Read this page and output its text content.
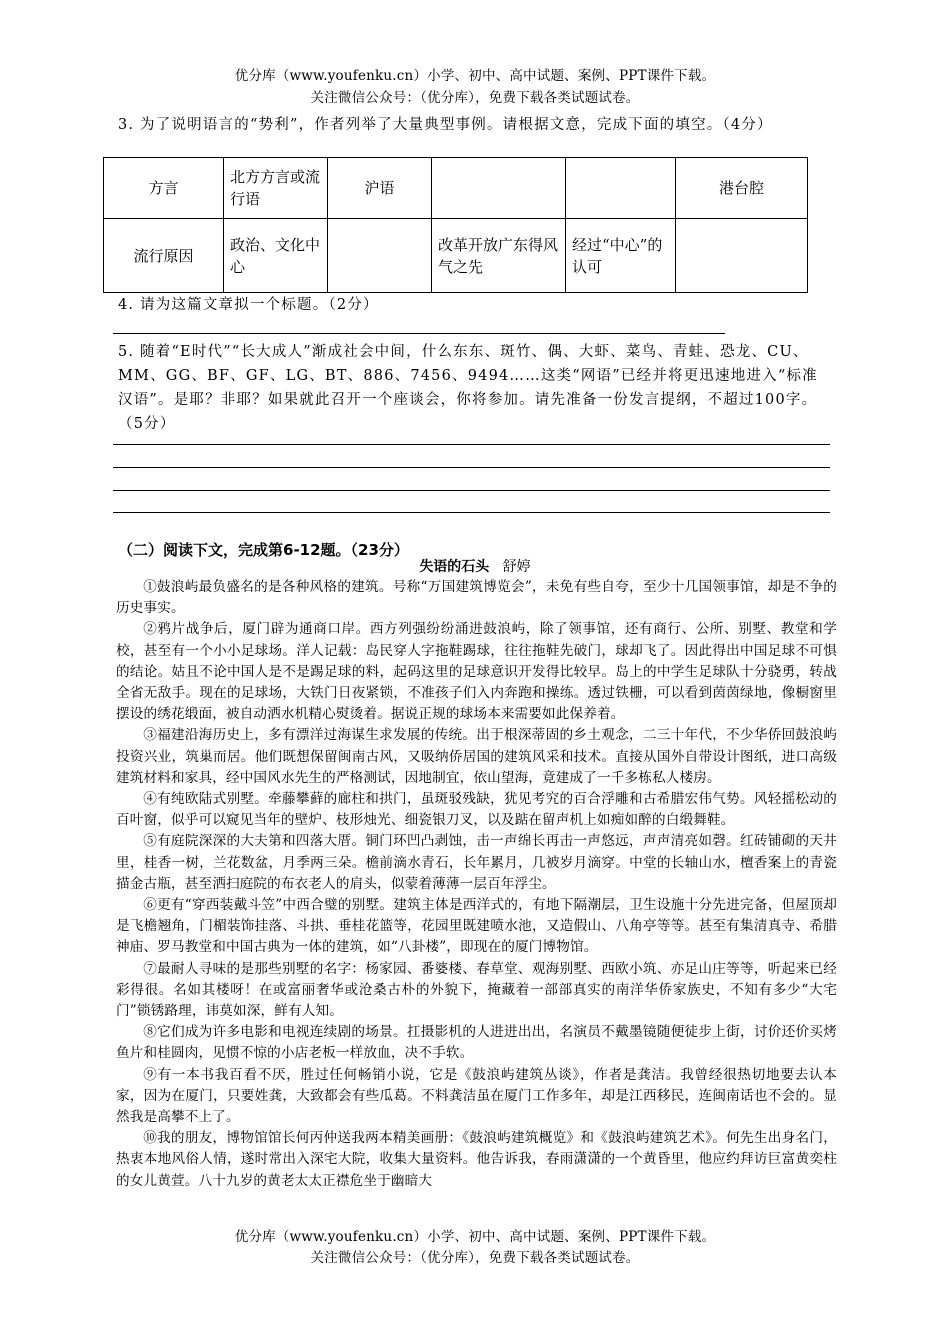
优分库（www.youfenku.cn）小学、初中、高中试题、案例、PPT课件下载。
关注微信公众号：（优分库），免费下载各类试题试卷。
3. 为了说明语言的“势利”，作者列举了大量典型事例。请根据文意，完成下面的填空。（4分）
方言	北方方言或流行语	沪语			港台腔
流行原因	政治、文化中心		改革开放广东得风气之先	经过“中心”的认可	
4. 请为这篇文章拟一个标题。（2分）
5. 随着“E时代”“长大成人”渐成社会中间，什么东东、斑竹、偶、大虾、菜鸟、青蛙、恐龙、CU、MM、GG、BF、GF、LG、BT、886、7456、9494……这类“网语”已经并将更迅速地进入“标准汉语”。是耶？非耶？如果就此召开一个座谈会，你将参加。请先准备一份发言提纲，不超过100字。（5分）
（二）阅读下文，完成第6-12题。（23分）
失语的石头 舒婷

①鼓浪屿最负盛名的是各种风格的建筑。号称“万国建筑博览会”，未免有些自夸，至少十几国领事馆，却是不争的历史事实。

②鸦片战争后，厦门辟为通商口岸。西方列强纷纷涌进鼓浪屿，除了领事馆，还有商行、公所、别墅、教堂和学校，甚至有一个小小足球场。洋人记载：岛民穿人字拖鞋踢球，往往拖鞋先破门，球却飞了。因此得出中国足球不可惧的结论。姑且不论中国人是不是踢足球的料，起码这里的足球意识开发得比较早。岛上的中学生足球队十分骁勇，转战全省无敌手。现在的足球场，大铁门日夜紧锁，不准孩子们入内奔跑和操练。透过铁栅，可以看到茵茵绿地，像橱窗里摆设的绣花缎面，被自动洒水机精心熨烫着。据说正规的球场本来需要如此保养着。

③福建沿海历史上，多有漂洋过海谋生求发展的传统。出于根深蒂固的乡土观念，二三十年代，不少华侨回鼓浪屿投资兴业，筑巢而居。他们既想保留闽南古风，又吸纳侨居国的建筑风采和技术。直接从国外自带设计图纸，进口高级建筑材料和家具，经中国风水先生的严格测试，因地制宜，依山望海，竟建成了一千多栋私人楼房。

④有纯欧陆式别墅。牵藤攀藓的廊柱和拱门，虽斑驳残缺，犹见考究的百合浮雕和古希腊宏伟气势。风轻摇松动的百叶窗，似乎可以窥见当年的壁炉、枝形烛光、细瓷银刀叉，以及踮在留声机上如痴如醉的白缎舞鞋。

⑤有庭院深深的大夫第和四落大厝。铜门环凹凸剥蚀，击一声绵长再击一声悠远，声声清亮如磬。红砖铺砌的天井里，桂香一树，兰花数盆，月季两三朵。檐前滴水青石，长年累月，几被岁月滴穿。中堂的长轴山水，檀香案上的青瓷描金古瓶，甚至洒扫庭院的布衣老人的肩头，似蒙着薄薄一层百年浮尘。

⑥更有“穿西装戴斗笠”中西合璧的别墅。建筑主体是西洋式的，有地下隔潮层，卫生设施十分先进完备，但屋顶却是飞檐翘角，门楣装饰挂落、斗拱、垂桂花篮等，花园里既建喷水池，又造假山、八角亭等等。甚至有集清真寺、希腊神庙、罗马教堂和中国古典为一体的建筑，如“八卦楼”，即现在的厦门博物馆。

⑦最耐人寻味的是那些别墅的名字：杨家园、番婆楼、春草堂、观海别墅、西欧小筑、亦足山庄等等，听起来已经彩得很。名如其楼呀！在或富丽奢华或沧桑古朴的外貌下，掩藏着一部部真实的南洋华侨家族史，不知有多少“大宅门”锁锈路理，讳莫如深，鲜有人知。

⑧它们成为许多电影和电视连续剧的场景。扛摄影机的人进进出出，名演员不戴墨镜随便徒步上街，讨价还价买烤鱼片和桂圆肉，见惯不惊的小店老板一样放血，决不手软。

⑨有一本书我百看不厌，胜过任何畅销小说，它是《鼓浪屿建筑丛谈》，作者是龚洁。我曾经很热切地要去认本家，因为在厦门，只要姓龚，大致都会有些瓜葛。不料龚洁虽在厦门工作多年，却是江西移民，连闽南话也不会的。显然我是高攀不上了。

⑩我的朋友，博物馆馆长何丙仲送我两本精美画册：《鼓浪屿建筑概览》和《鼓浪屿建筑艺术》。何先生出身名门，热衷本地风俗人情，遂时常出入深宅大院，收集大量资料。他告诉我，春雨潇潇的一个黄昏里，他应约拜访巨富黄奕柱的女儿黄萱。八十九岁的黄老太太正襟危坐于幽暗大

优分库（www.youfenku.cn）小学、初中、高中试题、案例、PPT课件下载。
关注微信公众号：（优分库），免费下载各类试题试卷。
